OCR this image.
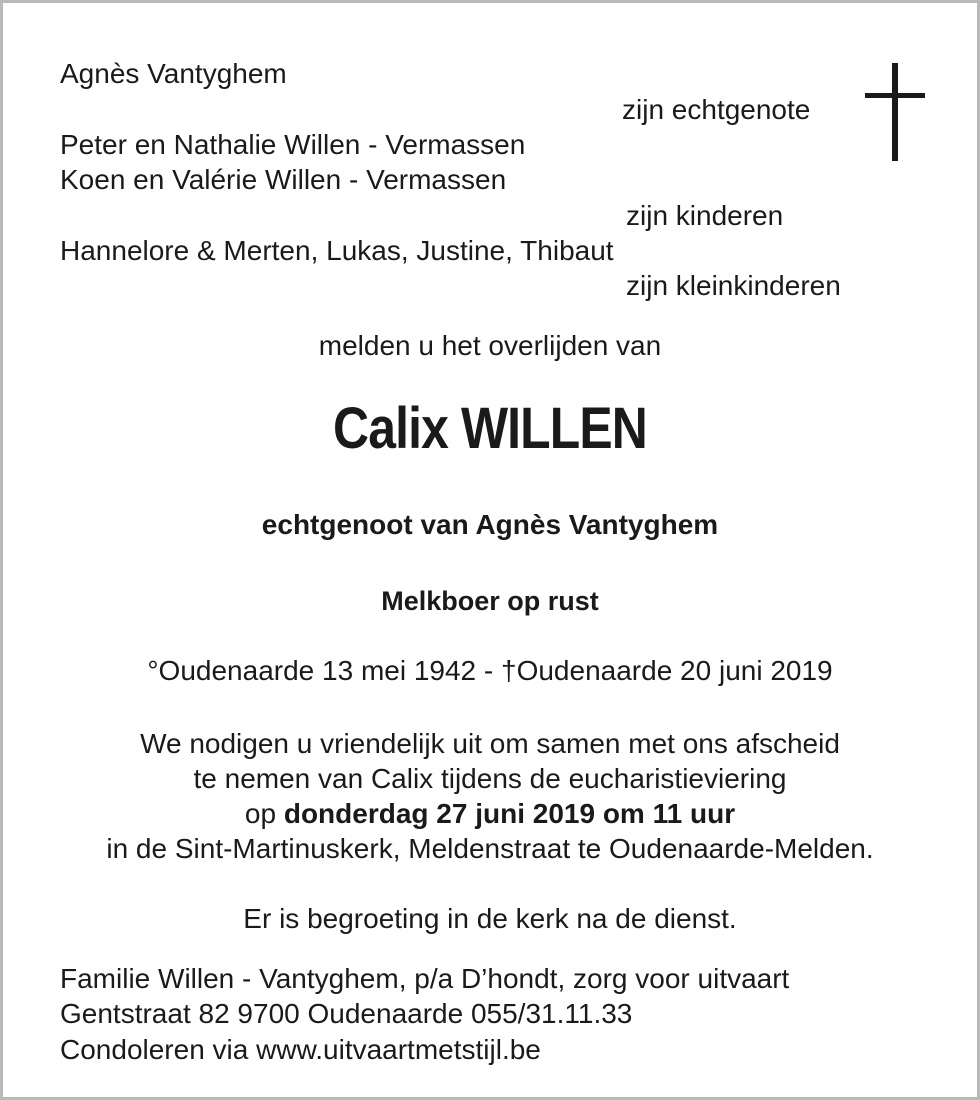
Agnès Vantyghem
zijn echtgenote
Peter en Nathalie Willen - Vermassen
Koen en Valérie Willen - Vermassen
zijn kinderen
Hannelore & Merten, Lukas, Justine, Thibaut
zijn kleinkinderen
melden u het overlijden van
Calix WILLEN
echtgenoot van Agnès Vantyghem
Melkboer op rust
°Oudenaarde 13 mei 1942 - †Oudenaarde 20 juni 2019
We nodigen u vriendelijk uit om samen met ons afscheid
te nemen van Calix tijdens de eucharistieviering
op donderdag 27 juni 2019 om 11 uur
in de Sint-Martinuskerk, Meldenstraat te Oudenaarde-Melden.
Er is begroeting in de kerk na de dienst.
Familie Willen - Vantyghem, p/a D’hondt, zorg voor uitvaart
Gentstraat 82 9700 Oudenaarde 055/31.11.33
Condoleren via www.uitvaartmetstijl.be
